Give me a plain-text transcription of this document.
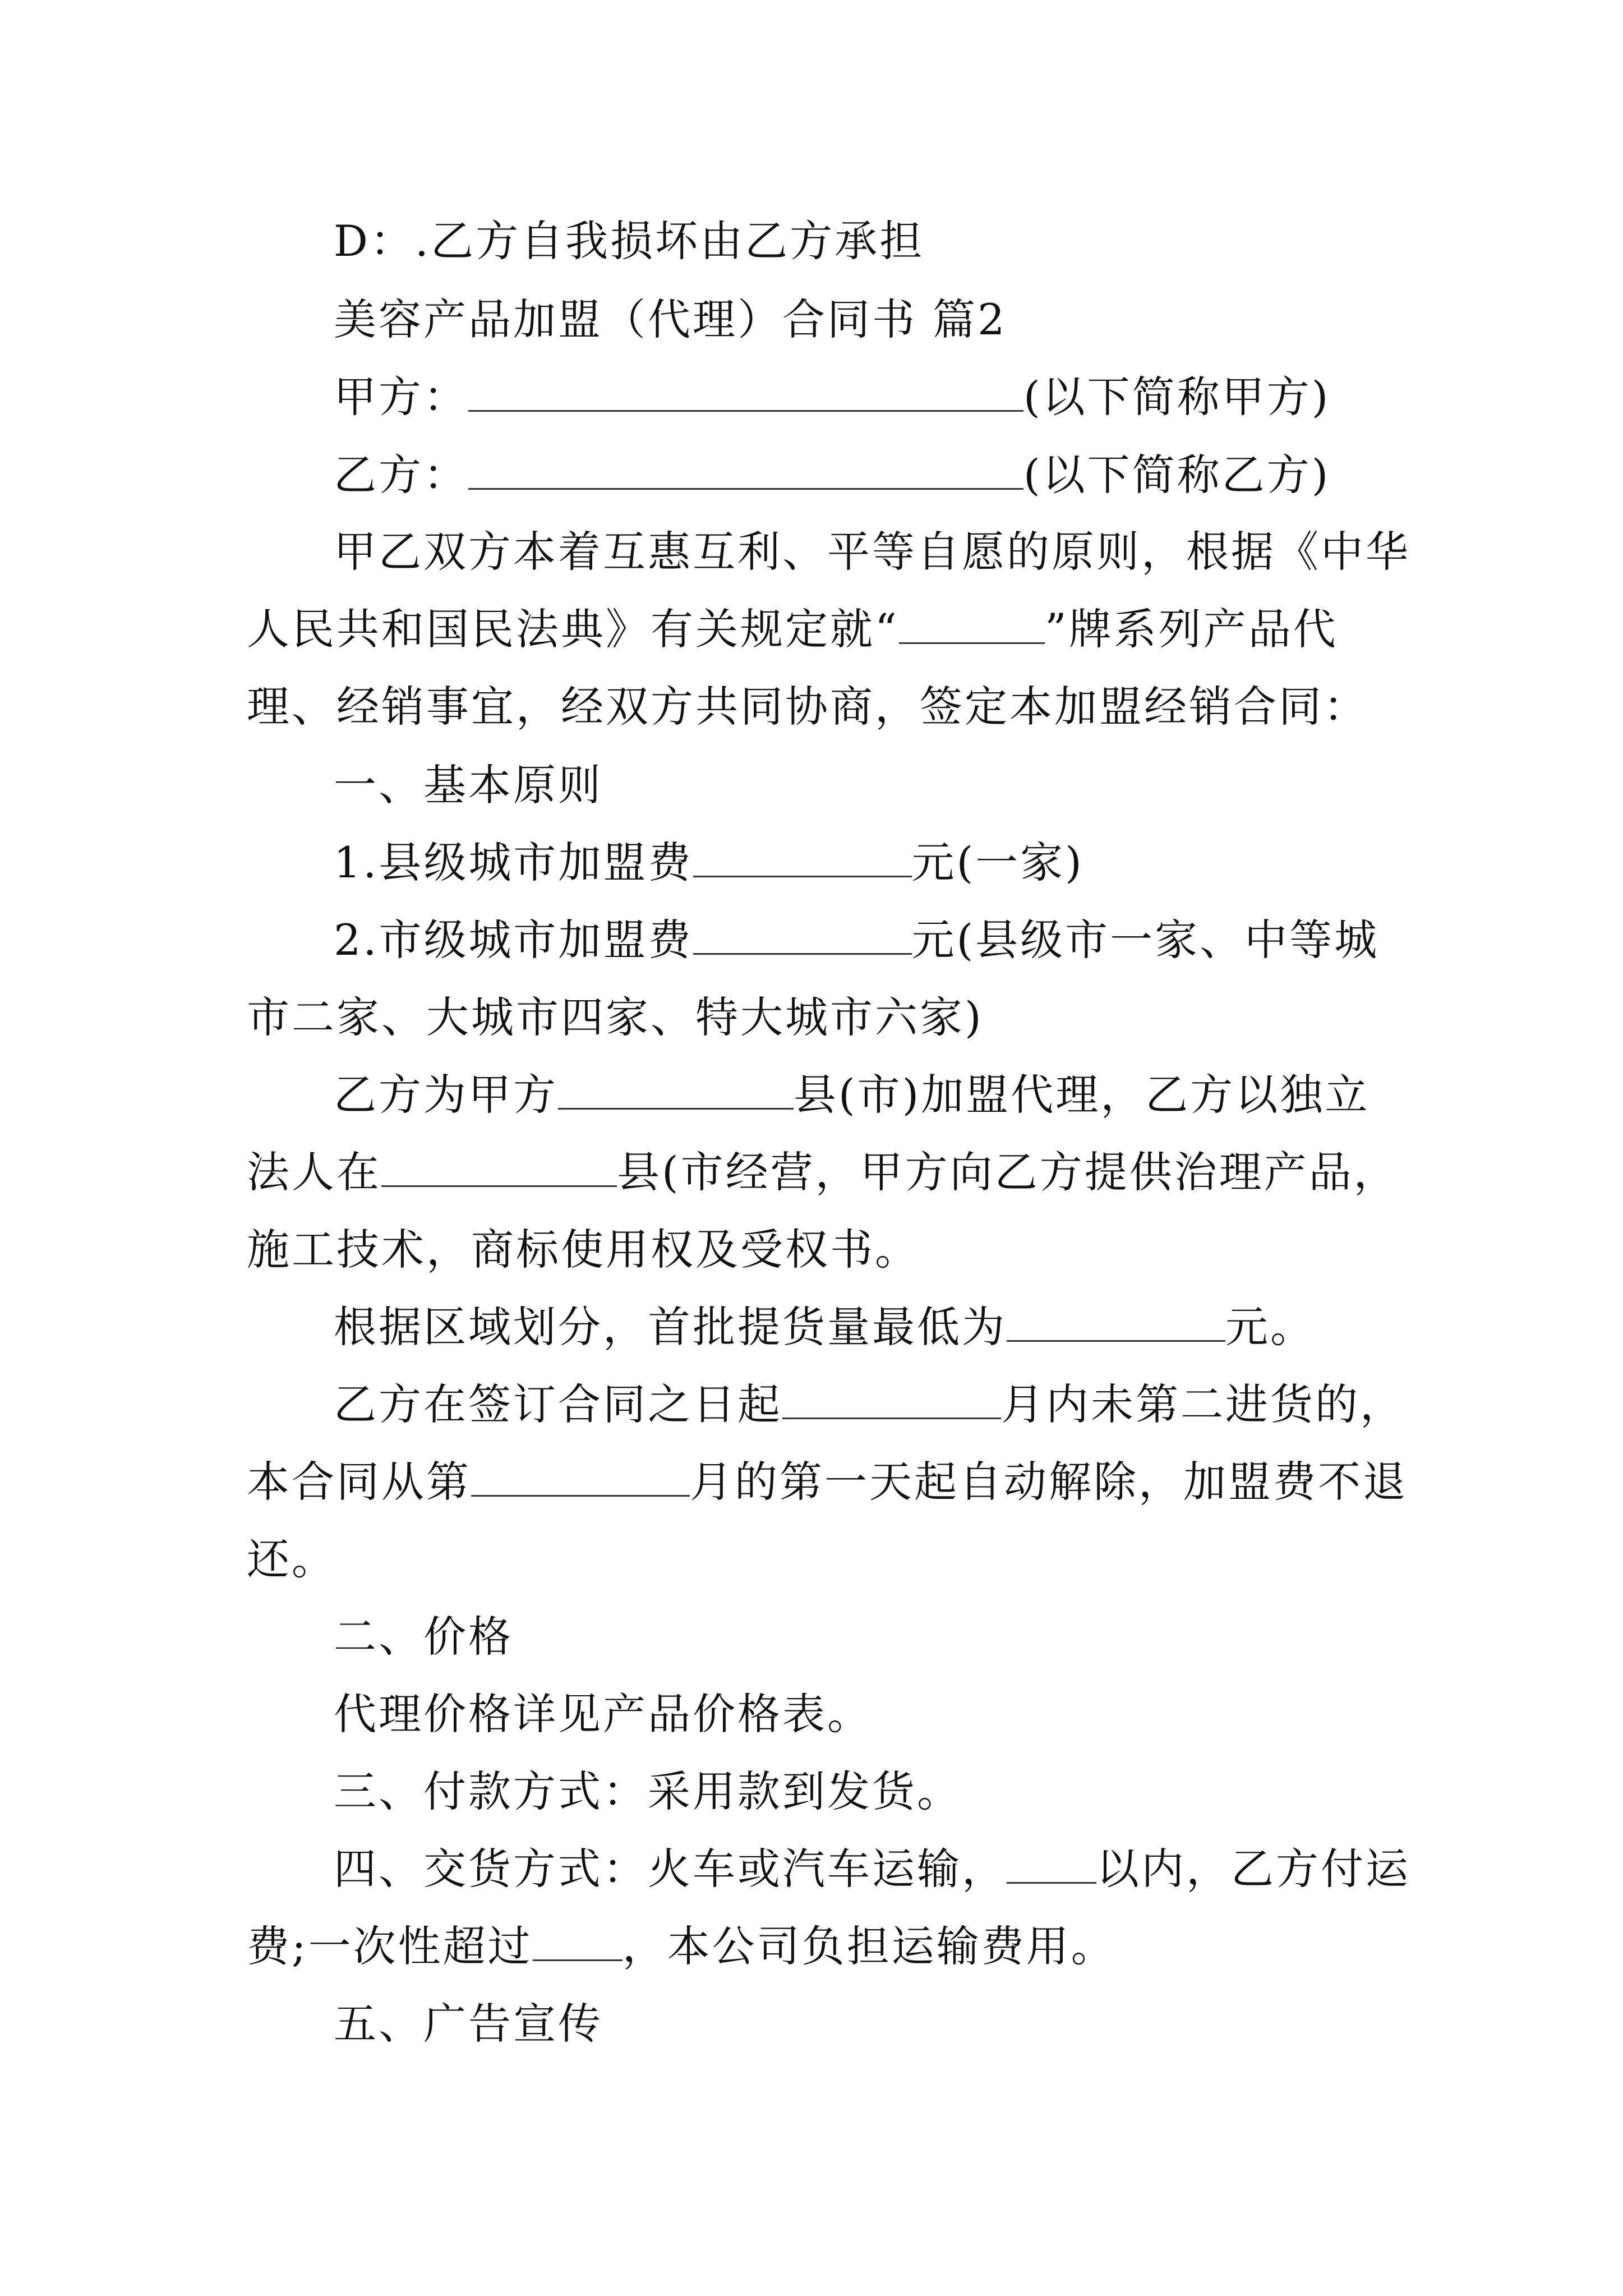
D：.乙方自我损坏由乙方承担
美容产品加盟（代理）合同书 篇2
甲方：	(以下简称甲方)
乙方：	(以下简称乙方)
甲乙双方本着互惠互利、平等自愿的原则，根据《中华
人民共和国民法典》有关规定就“	”牌系列产品代
理、经销事宜，经双方共同协商，签定本加盟经销合同：
一、基本原则
1.县级城市加盟费	元(一家)
2.市级城市加盟费	元(县级市一家、中等城
市二家、大城市四家、特大城市六家)
乙方为甲方	县(市)加盟代理，乙方以独立
法人在	县(市经营，甲方向乙方提供治理产品，
施工技术，商标使用权及受权书。
根据区域划分，首批提货量最低为	元。
乙方在签订合同之日起	月内未第二进货的，
本合同从第	月的第一天起自动解除，加盟费不退
还。
二、价格
代理价格详见产品价格表。
三、付款方式：采用款到发货。
四、交货方式：火车或汽车运输， 以内，乙方付运
费;一次性超过 ，本公司负担运输费用。
五、广告宣传
